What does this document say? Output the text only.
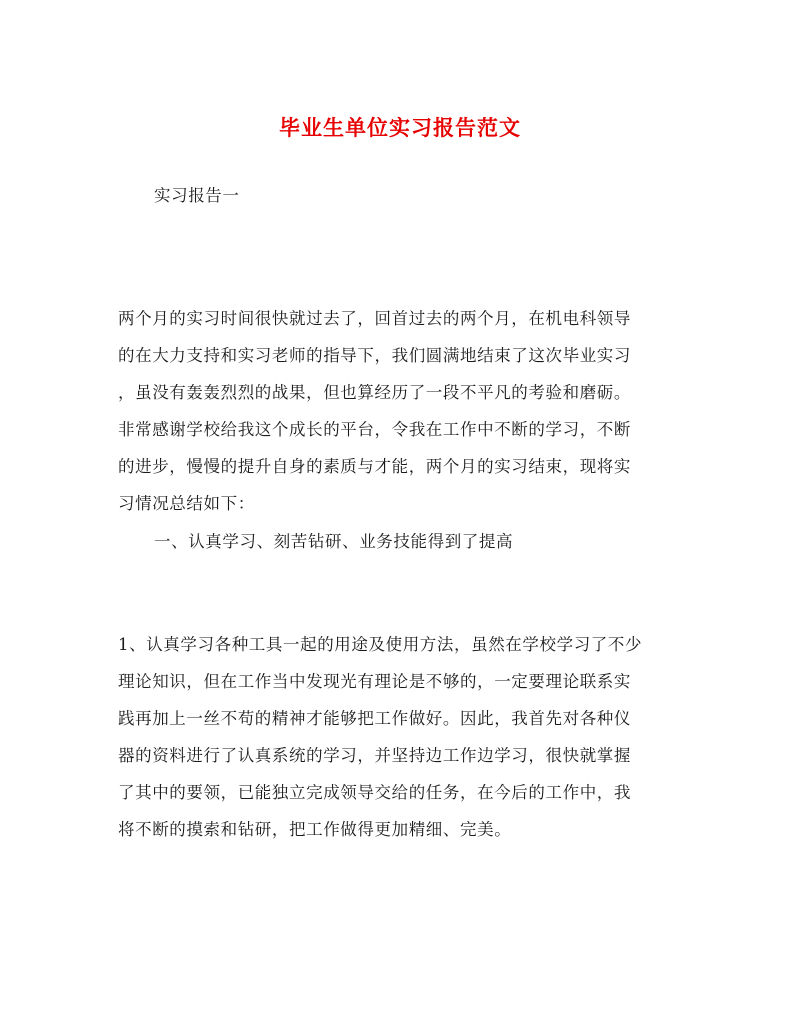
毕业生单位实习报告范文
实习报告一
两个月的实习时间很快就过去了，回首过去的两个月，在机电科领导
的在大力支持和实习老师的指导下，我们圆满地结束了这次毕业实习
，虽没有轰轰烈烈的战果，但也算经历了一段不平凡的考验和磨砺。
非常感谢学校给我这个成长的平台，令我在工作中不断的学习，不断
的进步，慢慢的提升自身的素质与才能，两个月的实习结束，现将实
习情况总结如下：
一、认真学习、刻苦钻研、业务技能得到了提高
1、认真学习各种工具一起的用途及使用方法，虽然在学校学习了不少
理论知识，但在工作当中发现光有理论是不够的，一定要理论联系实
践再加上一丝不苟的精神才能够把工作做好。因此，我首先对各种仪
器的资料进行了认真系统的学习，并坚持边工作边学习，很快就掌握
了其中的要领，已能独立完成领导交给的任务，在今后的工作中，我
将不断的摸索和钻研，把工作做得更加精细、完美。
